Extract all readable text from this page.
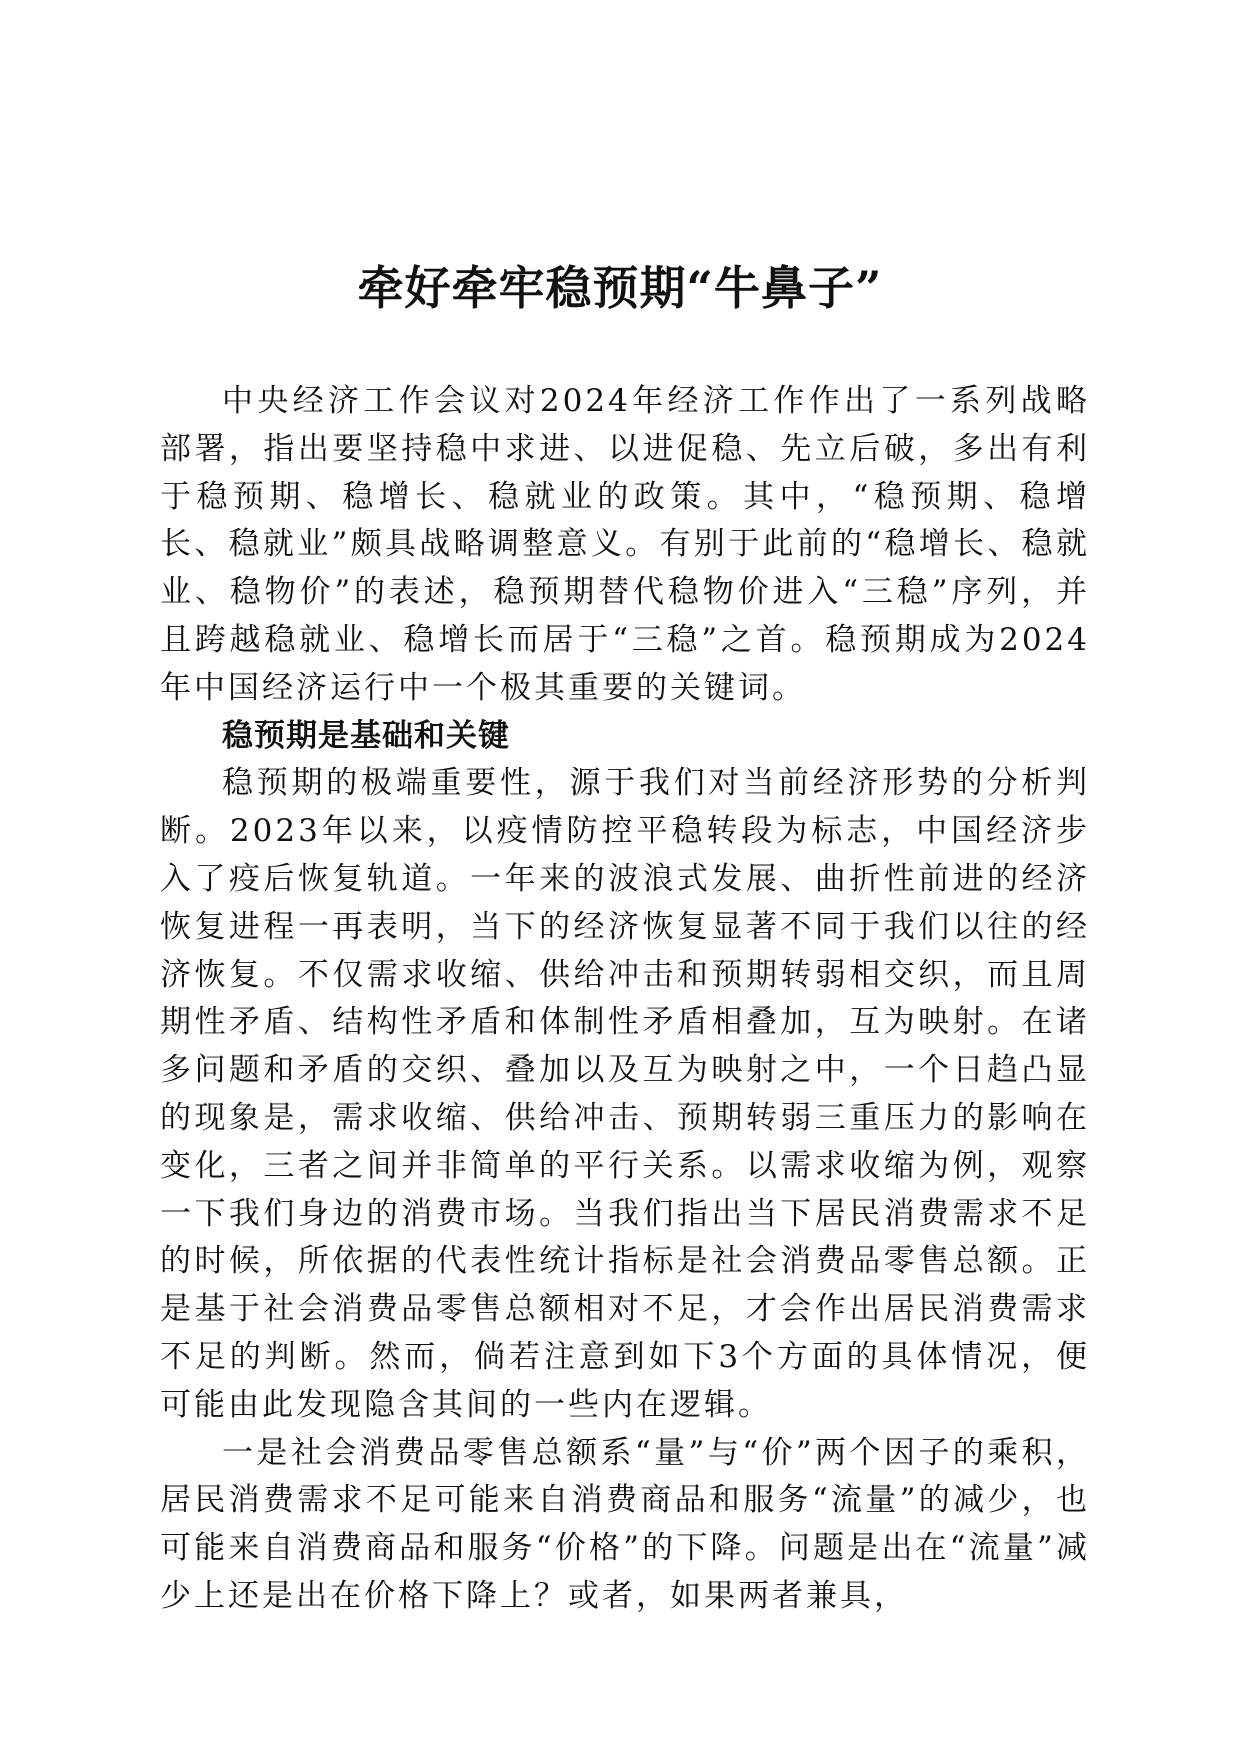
牵好牵牢稳预期“牛鼻子”

中央经济工作会议对2024年经济工作作出了一系列战略部署，指出要坚持稳中求进、以进促稳、先立后破，多出有利于稳预期、稳增长、稳就业的政策。其中，“稳预期、稳增长、稳就业”颇具战略调整意义。有别于此前的“稳增长、稳就业、稳物价”的表述，稳预期替代稳物价进入“三稳”序列，并且跨越稳就业、稳增长而居于“三稳”之首。稳预期成为2024年中国经济运行中一个极其重要的关键词。

稳预期是基础和关键

稳预期的极端重要性，源于我们对当前经济形势的分析判断。2023年以来，以疫情防控平稳转段为标志，中国经济步入了疫后恢复轨道。一年来的波浪式发展、曲折性前进的经济恢复进程一再表明，当下的经济恢复显著不同于我们以往的经济恢复。不仅需求收缩、供给冲击和预期转弱相交织，而且周期性矛盾、结构性矛盾和体制性矛盾相叠加，互为映射。在诸多问题和矛盾的交织、叠加以及互为映射之中，一个日趋凸显的现象是，需求收缩、供给冲击、预期转弱三重压力的影响在变化，三者之间并非简单的平行关系。以需求收缩为例，观察一下我们身边的消费市场。当我们指出当下居民消费需求不足的时候，所依据的代表性统计指标是社会消费品零售总额。正是基于社会消费品零售总额相对不足，才会作出居民消费需求不足的判断。然而，倘若注意到如下3个方面的具体情况，便可能由此发现隐含其间的一些内在逻辑。

一是社会消费品零售总额系“量”与“价”两个因子的乘积，居民消费需求不足可能来自消费商品和服务“流量”的减少，也可能来自消费商品和服务“价格”的下降。问题是出在“流量”减少上还是出在价格下降上？或者，如果两者兼具，
